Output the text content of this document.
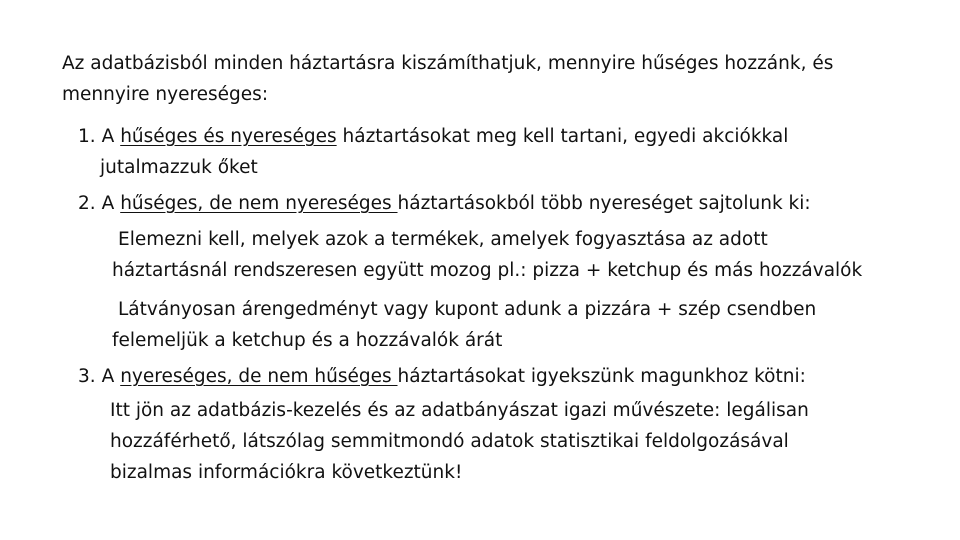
Az adatbázisból minden háztartásra kiszámíthatjuk, mennyire hűséges hozzánk, és
mennyire nyereséges:
1. A hűséges és nyereséges háztartásokat meg kell tartani, egyedi akciókkal
jutalmazzuk őket
2. A hűséges, de nem nyereséges háztartásokból több nyereséget sajtolunk ki:
Elemezni kell, melyek azok a termékek, amelyek fogyasztása az adott
háztartásnál rendszeresen együtt mozog pl.: pizza + ketchup és más hozzávalók
Látványosan árengedményt vagy kupont adunk a pizzára + szép csendben
felemeljük a ketchup és a hozzávalók árát
3. A nyereséges, de nem hűséges háztartásokat igyekszünk magunkhoz kötni:
Itt jön az adatbázis-kezelés és az adatbányászat igazi művészete: legálisan
hozzáférhető, látszólag semmitmondó adatok statisztikai feldolgozásával
bizalmas információkra következtünk!
